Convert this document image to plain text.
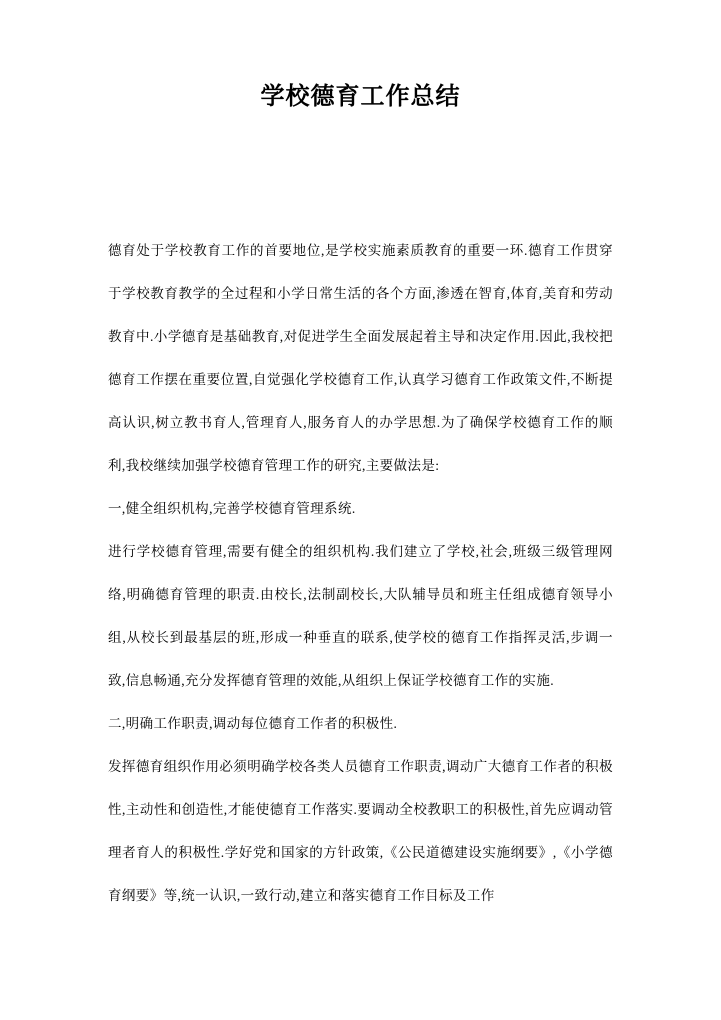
学校德育工作总结

德育处于学校教育工作的首要地位,是学校实施素质教育的重要一环.德育工作贯穿于学校教育教学的全过程和小学日常生活的各个方面,渗透在智育,体育,美育和劳动教育中.小学德育是基础教育,对促进学生全面发展起着主导和决定作用.因此,我校把德育工作摆在重要位置,自觉强化学校德育工作,认真学习德育工作政策文件,不断提高认识,树立教书育人,管理育人,服务育人的办学思想.为了确保学校德育工作的顺利,我校继续加强学校德育管理工作的研究,主要做法是:

一,健全组织机构,完善学校德育管理系统.

进行学校德育管理,需要有健全的组织机构.我们建立了学校,社会,班级三级管理网络,明确德育管理的职责.由校长,法制副校长,大队辅导员和班主任组成德育领导小组,从校长到最基层的班,形成一种垂直的联系,使学校的德育工作指挥灵活,步调一致,信息畅通,充分发挥德育管理的效能,从组织上保证学校德育工作的实施.

二,明确工作职责,调动每位德育工作者的积极性.

发挥德育组织作用必须明确学校各类人员德育工作职责,调动广大德育工作者的积极性,主动性和创造性,才能使德育工作落实.要调动全校教职工的积极性,首先应调动管理者育人的积极性.学好党和国家的方针政策,《公民道德建设实施纲要》,《小学德育纲要》等,统一认识,一致行动,建立和落实德育工作目标及工作
